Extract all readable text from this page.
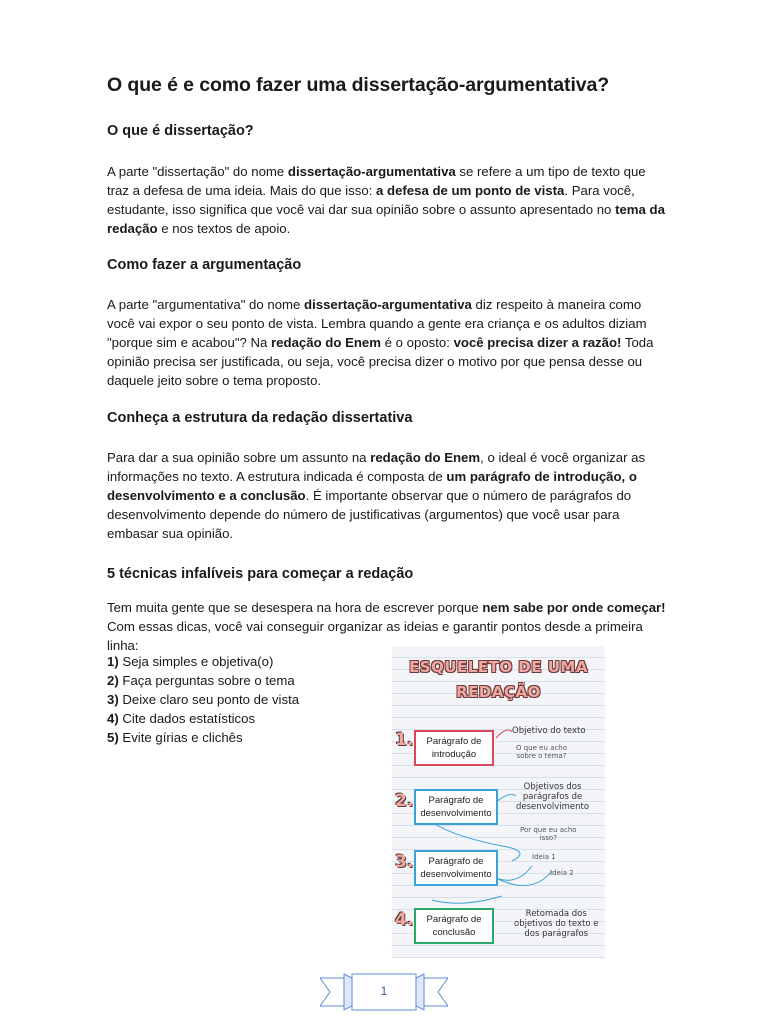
O que é e como fazer uma dissertação-argumentativa?
O que é dissertação?

A parte "dissertação" do nome dissertação-argumentativa se refere a um tipo de texto que traz a defesa de uma ideia. Mais do que isso: a defesa de um ponto de vista. Para você, estudante, isso significa que você vai dar sua opinião sobre o assunto apresentado no tema da redação e nos textos de apoio.

Como fazer a argumentação

A parte "argumentativa" do nome dissertação-argumentativa diz respeito à maneira como você vai expor o seu ponto de vista. Lembra quando a gente era criança e os adultos diziam "porque sim e acabou"? Na redação do Enem é o oposto: você precisa dizer a razão! Toda opinião precisa ser justificada, ou seja, você precisa dizer o motivo por que pensa desse ou daquele jeito sobre o tema proposto.

Conheça a estrutura da redação dissertativa

Para dar a sua opinião sobre um assunto na redação do Enem, o ideal é você organizar as informações no texto. A estrutura indicada é composta de um parágrafo de introdução, o desenvolvimento e a conclusão. É importante observar que o número de parágrafos do desenvolvimento depende do número de justificativas (argumentos) que você usar para embasar sua opinião.

5 técnicas infalíveis para começar a redação

Tem muita gente que se desespera na hora de escrever porque nem sabe por onde começar! Com essas dicas, você vai conseguir organizar as ideias e garantir pontos desde a primeira linha:

1) Seja simples e objetiva(o)
2) Faça perguntas sobre o tema
3) Deixe claro seu ponto de vista
4) Cite dados estatísticos
5) Evite gírias e clichês
ESQUELETO DE UMA
REDAÇÃO
1. Parágrafo de
introdução
2.	Parágrafo de
desenvolvimento
3.	Parágrafo de
desenvolvimento
4. Parágrafo de
conclusão
Objetivo do texto
O que eu acho
sobre o tema?
Objetivos dos
parágrafos de
desenvolvimento
Por que eu acho
isso?
Ideia 1
Ideia 2
Retomada dos
objetivos do texto e
dos parágrafos
1
